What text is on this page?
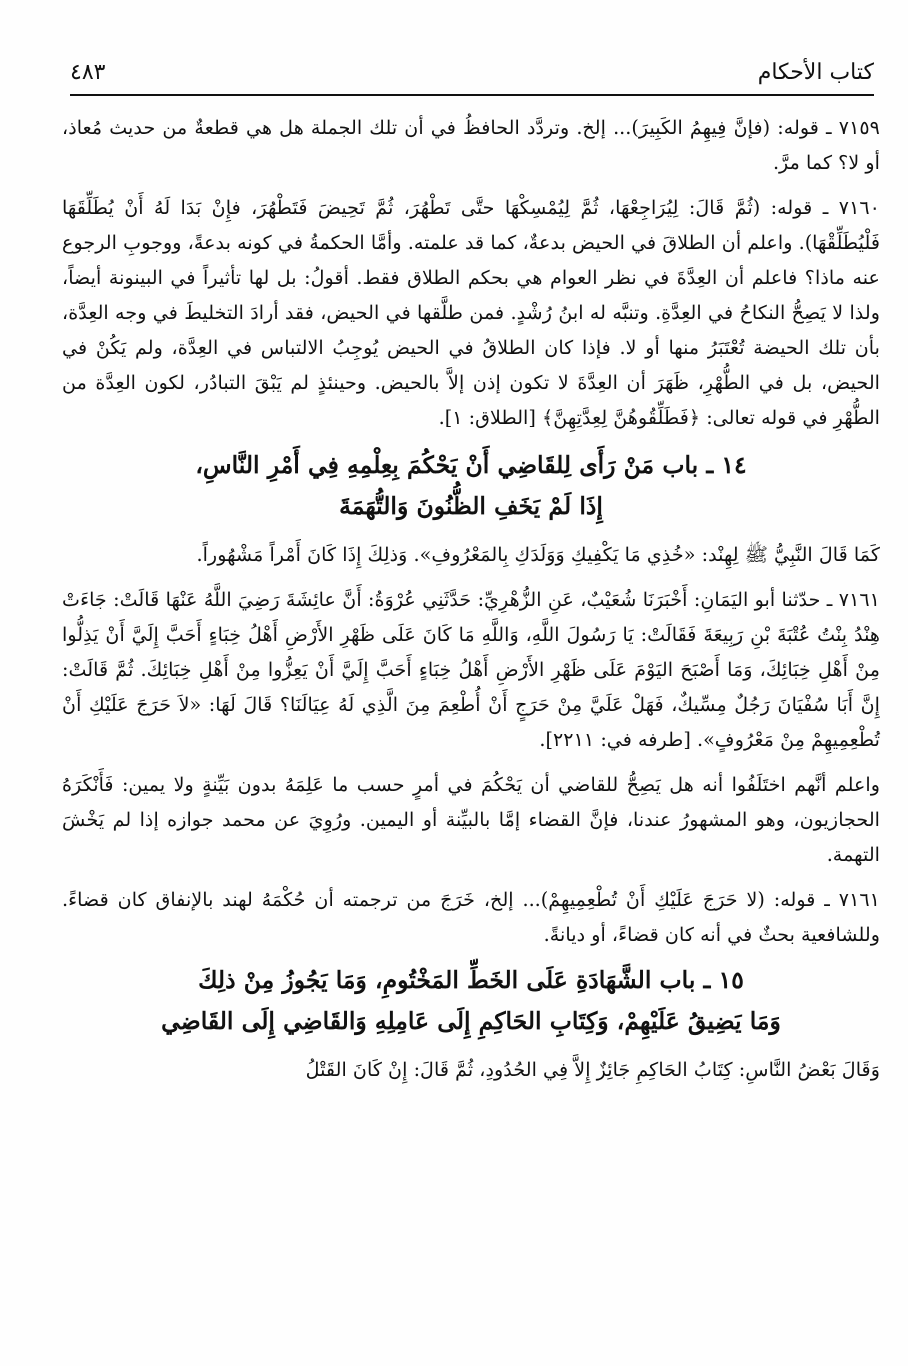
كتاب الأحكام
٤٨٣

٧١٥٩ ـ قوله: (فإنَّ فِيهِمُ الكَبِيرَ)... إلخ. وتردَّد الحافظُ في أن تلك الجملة هل هي قطعةٌ من حديث مُعاذ، أو لا؟ كما مرَّ.

٧١٦٠ ـ قوله: (ثُمَّ قَالَ: لِيُرَاجِعْهَا، ثُمَّ لِيُمْسِكْهَا حتَّى تَطْهُرَ، ثُمَّ تَحِيضَ فَتَطْهُرَ، فإِنْ بَدَا لَهُ أَنْ يُطَلِّقَهَا فَلْيُطَلِّقْهَا). واعلم أن الطلاقَ في الحيض بدعةٌ، كما قد علمته. وأمَّا الحكمةُ في كونه بدعةً، ووجوبِ الرجوع عنه ماذا؟ فاعلم أن العِدَّةَ في نظر العوام هي بحكم الطلاق فقط. أقولُ: بل لها تأثيراً في البينونة أيضاً، ولذا لا يَصِحُّ النكاحُ في العِدَّةِ. وتنبَّه له ابنُ رُشْدٍ. فمن طلَّقها في الحيض، فقد أرادَ التخليطَ في وجه العِدَّة، بأن تلك الحيضة تُعْتَبَرُ منها أو لا. فإذا كان الطلاقُ في الحيض يُوجِبُ الالتباس في العِدَّة، ولم يَكُنْ في الحيض، بل في الطُّهْرِ، ظَهَرَ أن العِدَّةَ لا تكون إذن إلاَّ بالحيض. وحينئذٍ لم يَبْقَ التبادُر، لكون العِدَّة من الطُّهْرِ في قوله تعالى: ﴿فَطَلِّقُوهُنَّ لِعِدَّتِهِنَّ﴾ [الطلاق: ١].

١٤ ـ باب مَنْ رَأَى لِلقَاضِي أَنْ يَحْكُمَ بِعِلْمِهِ فِي أَمْرِ النَّاسِ،
إِذَا لَمْ يَخَفِ الظُّنُونَ وَالتُّهَمَةَ

كَمَا قَالَ النَّبِيُّ ﷺ لِهِنْد: «خُذِي مَا يَكْفِيكِ وَوَلَدَكِ بِالمَعْرُوفِ». وَذلِكَ إِذَا كَانَ أَمْراً مَشْهُوراً.

٧١٦١ ـ حدّثنا أبو اليَمَانِ: أَخْبَرَنَا شُعَيْبٌ، عَنِ الزُّهْرِيِّ: حَدَّثَنِي عُرْوَةُ: أَنَّ عائِشَةَ رَضِيَ اللَّهُ عَنْهَا قَالَتْ: جَاءَتْ هِنْدُ بِنْتُ عُتْبَةَ بْنِ رَبِيعَةَ فَقَالَتْ: يَا رَسُولَ اللَّهِ، وَاللَّهِ مَا كَانَ عَلَى ظَهْرِ الأَرْضِ أَهْلُ خِبَاءٍ أَحَبَّ إِلَيَّ أَنْ يَذِلُّوا مِنْ أَهْلِ خِبَائِكَ، وَمَا أَصْبَحَ اليَوْمَ عَلَى ظَهْرِ الأَرْضِ أَهْلُ خِبَاءٍ أَحَبَّ إِلَيَّ أَنْ يَعِزُّوا مِنْ أَهْلِ خِبَائِكَ. ثُمَّ قَالَتْ: إِنَّ أَبَا سُفْيَانَ رَجُلٌ مِسِّيكٌ، فَهَلْ عَلَيَّ مِنْ حَرَجٍ أَنْ أُطْعِمَ مِنَ الَّذِي لَهُ عِيَالَنَا؟ قَالَ لَهَا: «لاَ حَرَجَ عَلَيْكِ أَنْ تُطْعِمِيهِمْ مِنْ مَعْرُوفٍ». [طرفه في: ٢٢١١].

واعلم أنَّهم اختَلَفُوا أنه هل يَصِحُّ للقاضي أن يَحْكُمَ في أمرٍ حسب ما عَلِمَهُ بدون بَيِّنةٍ ولا يمين: فَأَنْكَرَهُ الحجازيون، وهو المشهورُ عندنا، فإنَّ القضاء إمَّا بالبيِّنة أو اليمين. ورُوِيَ عن محمد جوازه إذا لم يَخْشَ التهمة.

٧١٦١ ـ قوله: (لا حَرَجَ عَلَيْكِ أَنْ تُطْعِمِيهِمْ)... إلخ، خَرَجَ من ترجمته أن حُكْمَهُ لهند بالإنفاق كان قضاءً. وللشافعية بحثٌ في أنه كان قضاءً، أو ديانةً.

١٥ ـ باب الشَّهَادَةِ عَلَى الخَطِّ المَخْتُومِ، وَمَا يَجُوزُ مِنْ ذلِكَ
وَمَا يَضِيقُ عَلَيْهِمْ، وَكِتَابِ الحَاكِمِ إِلَى عَامِلِهِ وَالقَاضِي إِلَى القَاضِي

وَقَالَ بَعْضُ النَّاسِ: كِتَابُ الحَاكِمِ جَائِزٌ إِلاَّ فِي الحُدُودِ، ثُمَّ قَالَ: إِنْ كَانَ القَتْلُ
